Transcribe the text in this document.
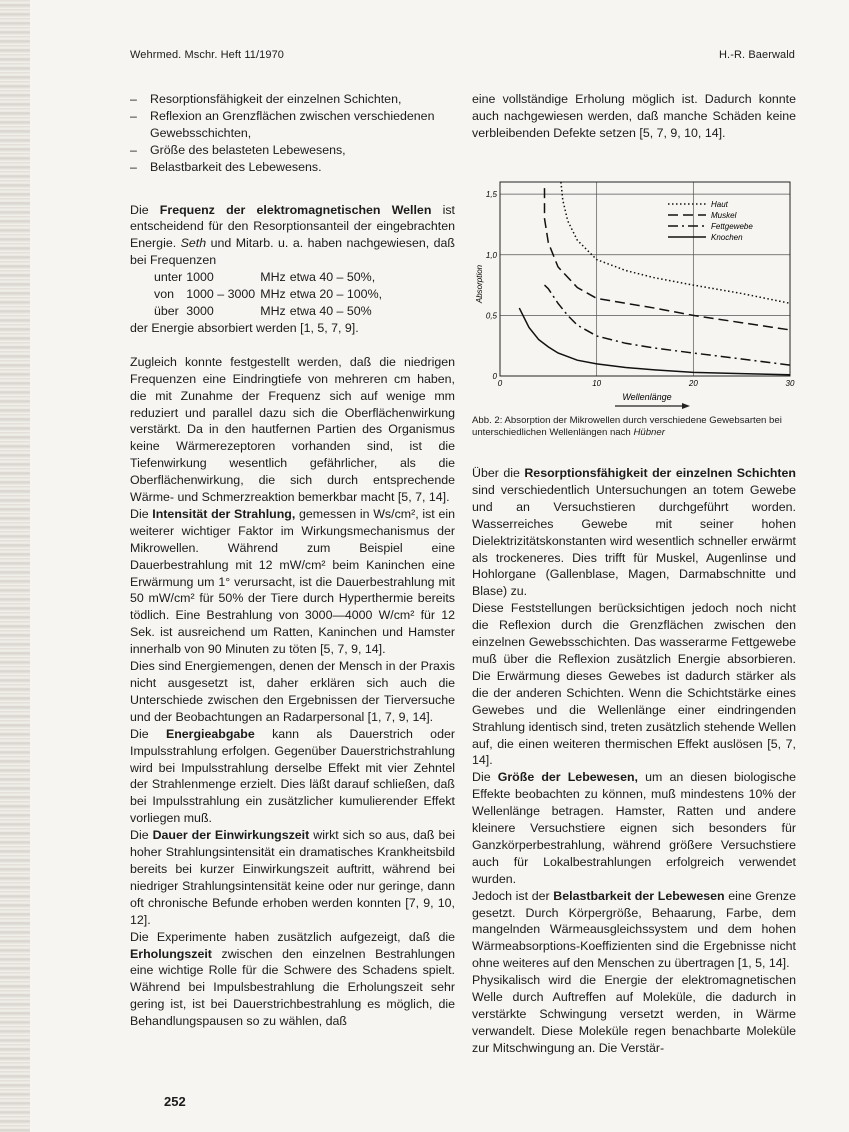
Wehrmed. Mschr. Heft 11/1970	H.-R. Baerwald
– Resorptionsfähigkeit der einzelnen Schichten,
– Reflexion an Grenzflächen zwischen verschiedenen Gewebsschichten,
– Größe des belasteten Lebewesens,
– Belastbarkeit des Lebewesens.

Die Frequenz der elektromagnetischen Wellen ist entscheidend für den Resorptionsanteil der eingebrachten Energie. Seth und Mitarb. u. a. haben nachgewiesen, daß bei Frequenzen

unter	1000	MHz	etwa 40 – 50%,
von	1000 – 3000	MHz	etwa 20 – 100%,
über	3000	MHz	etwa 40 – 50%

der Energie absorbiert werden [1, 5, 7, 9].

Zugleich konnte festgestellt werden, daß die niedrigen Frequenzen eine Eindringtiefe von mehreren cm haben, die mit Zunahme der Frequenz sich auf wenige mm reduziert und parallel dazu sich die Oberflächenwirkung verstärkt. Da in den hautfernen Partien des Organismus keine Wärmerezeptoren vorhanden sind, ist die Tiefenwirkung wesentlich gefährlicher, als die Oberflächenwirkung, die sich durch entsprechende Wärme- und Schmerzreaktion bemerkbar macht [5, 7, 14].

Die Intensität der Strahlung, gemessen in Ws/cm², ist ein weiterer wichtiger Faktor im Wirkungsmechanismus der Mikrowellen. Während zum Beispiel eine Dauerbestrahlung mit 12 mW/cm² beim Kaninchen eine Erwärmung um 1° verursacht, ist die Dauerbestrahlung mit 50 mW/cm² für 50% der Tiere durch Hyperthermie bereits tödlich. Eine Bestrahlung von 3000—4000 W/cm² für 12 Sek. ist ausreichend um Ratten, Kaninchen und Hamster innerhalb von 90 Minuten zu töten [5, 7, 9, 14].

Dies sind Energiemengen, denen der Mensch in der Praxis nicht ausgesetzt ist, daher erklären sich auch die Unterschiede zwischen den Ergebnissen der Tierversuche und der Beobachtungen an Radarpersonal [1, 7, 9, 14].

Die Energieabgabe kann als Dauerstrich oder Impulsstrahlung erfolgen. Gegenüber Dauerstrichstrahlung wird bei Impulsstrahlung derselbe Effekt mit vier Zehntel der Strahlenmenge erzielt. Dies läßt darauf schließen, daß bei Impulsstrahlung ein zusätzlicher kumulierender Effekt vorliegen muß.

Die Dauer der Einwirkungszeit wirkt sich so aus, daß bei hoher Strahlungsintensität ein dramatisches Krankheitsbild bereits bei kurzer Einwirkungszeit auftritt, während bei niedriger Strahlungsintensität keine oder nur geringe, dann oft chronische Befunde erhoben werden konnten [7, 9, 10, 12].

Die Experimente haben zusätzlich aufgezeigt, daß die Erholungszeit zwischen den einzelnen Bestrahlungen eine wichtige Rolle für die Schwere des Schadens spielt. Während bei Impulsbestrahlung die Erholungszeit sehr gering ist, ist bei Dauerstrichbestrahlung es möglich, die Behandlungspausen so zu wählen, daß

eine vollständige Erholung möglich ist. Dadurch konnte auch nachgewiesen werden, daß manche Schäden keine verbleibenden Defekte setzen [5, 7, 9, 10, 14].

0	10	20	30
0
0,5
1,0
1,5
Haut
Muskel
Fettgewebe
Knochen
Absorption
Wellenlänge
Abb. 2: Absorption der Mikrowellen durch verschiedene Gewebsarten bei unterschiedlichen Wellenlängen nach Hübner

Über die Resorptionsfähigkeit der einzelnen Schichten sind verschiedentlich Untersuchungen an totem Gewebe und an Versuchstieren durchgeführt worden. Wasserreiches Gewebe mit seiner hohen Dielektrizitätskonstanten wird wesentlich schneller erwärmt als trockeneres. Dies trifft für Muskel, Augenlinse und Hohlorgane (Gallenblase, Magen, Darmabschnitte und Blase) zu.

Diese Feststellungen berücksichtigen jedoch noch nicht die Reflexion durch die Grenzflächen zwischen den einzelnen Gewebsschichten. Das wasserarme Fettgewebe muß über die Reflexion zusätzlich Energie absorbieren. Die Erwärmung dieses Gewebes ist dadurch stärker als die der anderen Schichten. Wenn die Schichtstärke eines Gewebes und die Wellenlänge einer eindringenden Strahlung identisch sind, treten zusätzlich stehende Wellen auf, die einen weiteren thermischen Effekt auslösen [5, 7, 14].

Die Größe der Lebewesen, um an diesen biologische Effekte beobachten zu können, muß mindestens 10% der Wellenlänge betragen. Hamster, Ratten und andere kleinere Versuchstiere eignen sich besonders für Ganzkörperbestrahlung, während größere Versuchstiere auch für Lokalbestrahlungen erfolgreich verwendet wurden.

Jedoch ist der Belastbarkeit der Lebewesen eine Grenze gesetzt. Durch Körpergröße, Behaarung, Farbe, dem mangelnden Wärmeausgleichssystem und dem hohen Wärmeabsorptions-Koeffizienten sind die Ergebnisse nicht ohne weiteres auf den Menschen zu übertragen [1, 5, 14].

Physikalisch wird die Energie der elektromagnetischen Welle durch Auftreffen auf Moleküle, die dadurch in verstärkte Schwingung versetzt werden, in Wärme verwandelt. Diese Moleküle regen benachbarte Moleküle zur Mitschwingung an. Die Verstär-

252
